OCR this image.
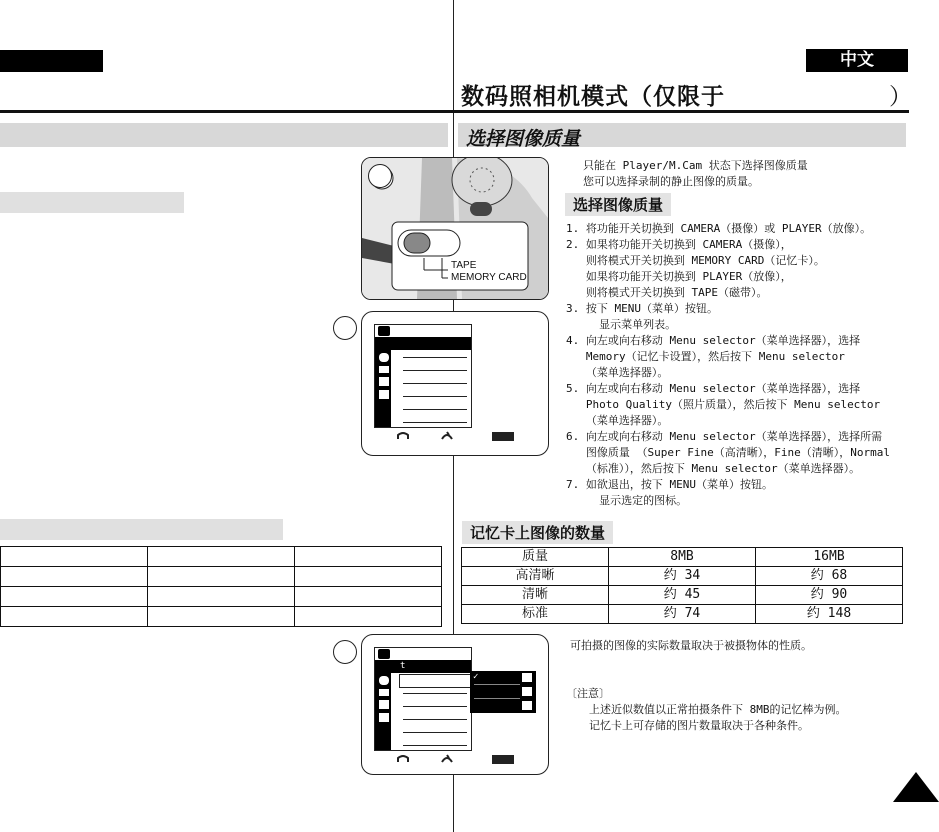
中文
数码照相机模式（仅限于	）
选择图像质量

只能在 Player/M.Cam 状态下选择图像质量
您可以选择录制的静止图像的质量。
选择图像质量
1. 将功能开关切换到 CAMERA（摄像）或 PLAYER（放像）。
2. 如果将功能开关切换到 CAMERA（摄像），
则将模式开关切换到 MEMORY CARD（记忆卡）。
如果将功能开关切换到 PLAYER（放像），
则将模式开关切换到 TAPE（磁带）。
3. 按下 MENU（菜单）按钮。
显示菜单列表。
4. 向左或向右移动 Menu selector（菜单选择器），选择
Memory（记忆卡设置），然后按下 Menu selector
（菜单选择器）。
5. 向左或向右移动 Menu selector（菜单选择器），选择
Photo Quality（照片质量），然后按下 Menu selector
（菜单选择器）。
6. 向左或向右移动 Menu selector（菜单选择器），选择所需
图像质量 （Super Fine（高清晰），Fine（清晰），Normal
（标准）），然后按下 Menu selector（菜单选择器）。
7. 如欲退出，按下 MENU（菜单）按钮。
显示选定的图标。
记忆卡上图像的数量
质量	8MB	16MB
高清晰	约 34	约 68
清晰	约 45	约 90
标准	约 74	约 148
可拍摄的图像的实际数量取决于被摄物体的性质。
〔注意〕
上述近似数值以正常拍摄条件下 8MB的记忆棒为例。
记忆卡上可存储的图片数量取决于各种条件。
TAPE
MEMORY CARD
t
✓
